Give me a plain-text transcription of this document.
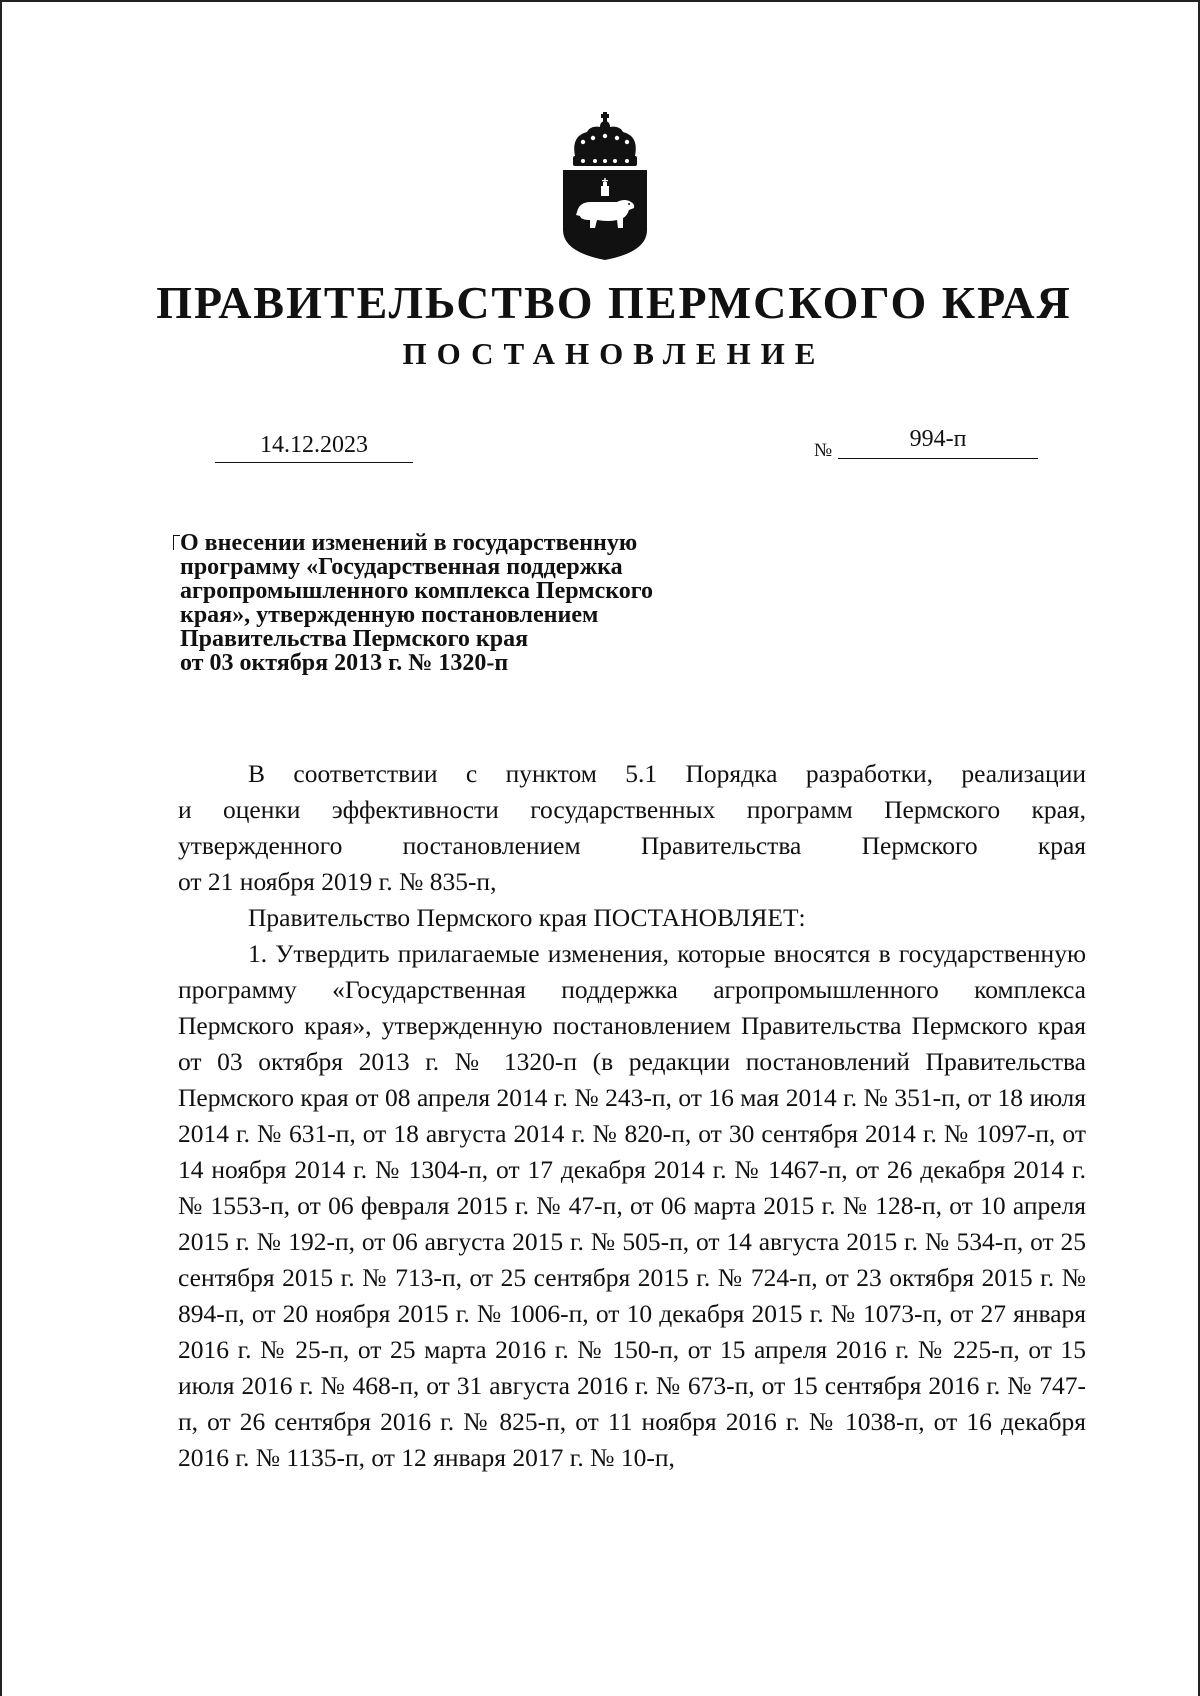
ПРАВИТЕЛЬСТВО ПЕРМСКОГО КРАЯ
ПОСТАНОВЛЕНИЕ
14.12.2023	№	994-п
О внесении изменений в государственную
программу «Государственная поддержка
агропромышленного комплекса Пермского
края», утвержденную постановлением
Правительства Пермского края
от 03 октября 2013 г. № 1320-п
В соответствии с пунктом 5.1 Порядка разработки, реализации
и оценки эффективности государственных программ Пермского края,
утвержденного постановлением Правительства Пермского края
от 21 ноября 2019 г. № 835-п,

Правительство Пермского края ПОСТАНОВЛЯЕТ:

1. Утвердить прилагаемые изменения, которые вносятся в государственную программу «Государственная поддержка агропромышленного комплекса Пермского края», утвержденную постановлением Правительства Пермского края от 03 октября 2013 г. № 1320-п (в редакции постановлений Правительства Пермского края от 08 апреля 2014 г. № 243-п, от 16 мая 2014 г. № 351-п, от 18 июля 2014 г. № 631-п, от 18 августа 2014 г. № 820-п, от 30 сентября 2014 г. № 1097-п, от 14 ноября 2014 г. № 1304-п, от 17 декабря 2014 г. № 1467-п, от 26 декабря 2014 г. № 1553-п, от 06 февраля 2015 г. № 47-п, от 06 марта 2015 г. № 128-п, от 10 апреля 2015 г. № 192-п, от 06 августа 2015 г. № 505-п, от 14 августа 2015 г. № 534-п, от 25 сентября 2015 г. № 713-п, от 25 сентября 2015 г. № 724-п, от 23 октября 2015 г. № 894-п, от 20 ноября 2015 г. № 1006-п, от 10 декабря 2015 г. № 1073-п, от 27 января 2016 г. № 25-п, от 25 марта 2016 г. № 150-п, от 15 апреля 2016 г. № 225-п, от 15 июля 2016 г. № 468-п, от 31 августа 2016 г. № 673-п, от 15 сентября 2016 г. № 747-п, от 26 сентября 2016 г. № 825-п, от 11 ноября 2016 г. № 1038-п, от 16 декабря 2016 г. № 1135-п, от 12 января 2017 г. № 10-п,
